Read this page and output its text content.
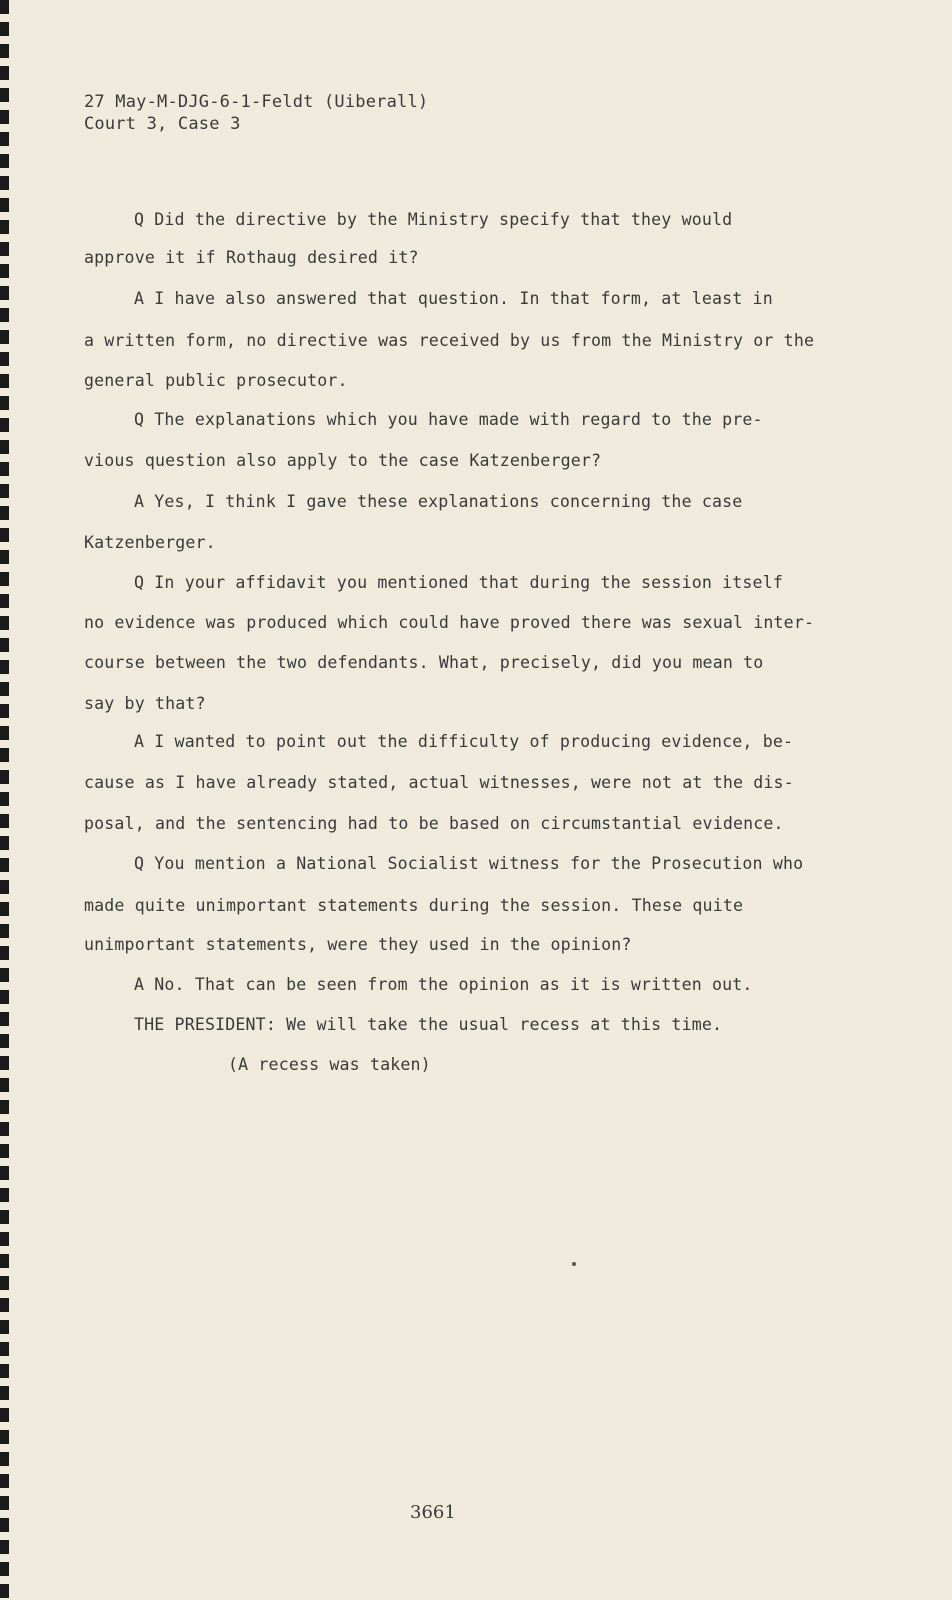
27 May-M-DJG-6-1-Feldt (Uiberall)
Court 3, Case 3
Q Did the directive by the Ministry specify that they would
approve it if Rothaug desired it?
A I have also answered that question. In that form, at least in
a written form, no directive was received by us from the Ministry or the
general public prosecutor.
Q The explanations which you have made with regard to the pre-
vious question also apply to the case Katzenberger?
A Yes, I think I gave these explanations concerning the case
Katzenberger.
Q In your affidavit you mentioned that during the session itself
no evidence was produced which could have proved there was sexual inter-
course between the two defendants. What, precisely, did you mean to
say by that?
A I wanted to point out the difficulty of producing evidence, be-
cause as I have already stated, actual witnesses, were not at the dis-
posal, and the sentencing had to be based on circumstantial evidence.
Q You mention a National Socialist witness for the Prosecution who
made quite unimportant statements during the session. These quite
unimportant statements, were they used in the opinion?
A No. That can be seen from the opinion as it is written out.
THE PRESIDENT: We will take the usual recess at this time.
(A recess was taken)
3661
